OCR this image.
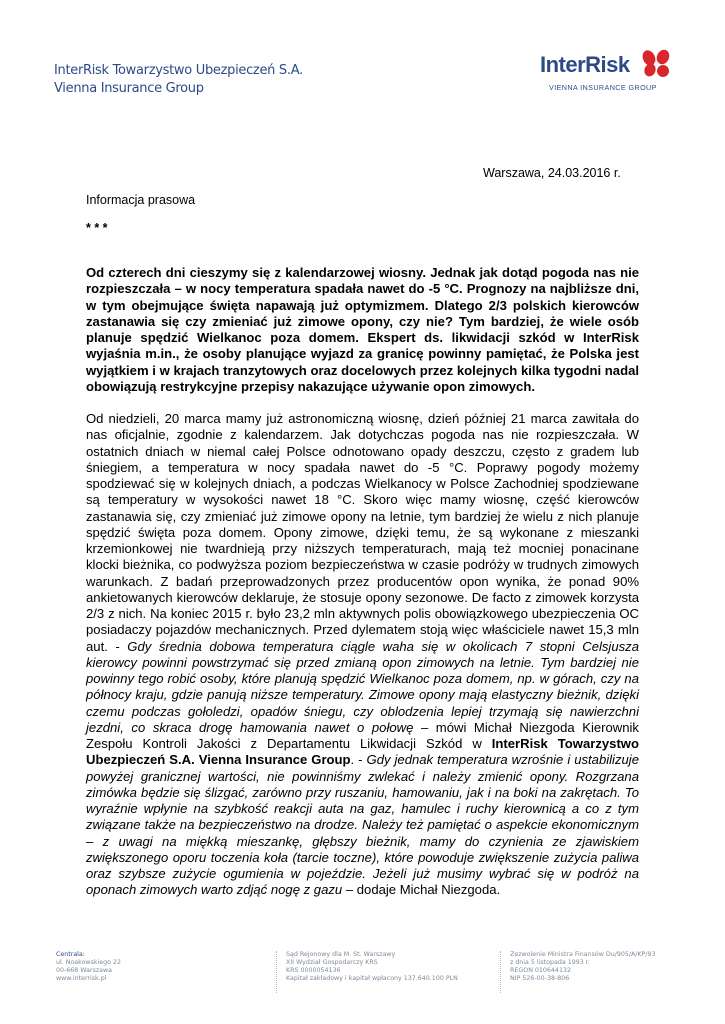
InterRisk Towarzystwo Ubezpieczeń S.A.
Vienna Insurance Group
InterRisk
VIENNA INSURANCE GROUP
Warszawa, 24.03.2016 r.
Informacja prasowa
* * *

Od czterech dni cieszymy się z kalendarzowej wiosny. Jednak jak dotąd pogoda nas nie rozpieszczała – w nocy temperatura spadała nawet do -5 °C. Prognozy na najbliższe dni, w tym obejmujące święta napawają już optymizmem. Dlatego 2/3 polskich kierowców zastanawia się czy zmieniać już zimowe opony, czy nie? Tym bardziej, że wiele osób planuje spędzić Wielkanoc poza domem. Ekspert ds. likwidacji szkód w InterRisk wyjaśnia m.in., że osoby planujące wyjazd za granicę powinny pamiętać, że Polska jest wyjątkiem i w krajach tranzytowych oraz docelowych przez kolejnych kilka tygodni nadal obowiązują restrykcyjne przepisy nakazujące używanie opon zimowych.

Od niedzieli, 20 marca mamy już astronomiczną wiosnę, dzień później 21 marca zawitała do nas oficjalnie, zgodnie z kalendarzem. Jak dotychczas pogoda nas nie rozpieszczała. W ostatnich dniach w niemal całej Polsce odnotowano opady deszczu, często z gradem lub śniegiem, a temperatura w nocy spadała nawet do -5 °C. Poprawy pogody możemy spodziewać się w kolejnych dniach, a podczas Wielkanocy w Polsce Zachodniej spodziewane są temperatury w wysokości nawet 18 °C. Skoro więc mamy wiosnę, część kierowców zastanawia się, czy zmieniać już zimowe opony na letnie, tym bardziej że wielu z nich planuje spędzić święta poza domem. Opony zimowe, dzięki temu, że są wykonane z mieszanki krzemionkowej nie twardnieją przy niższych temperaturach, mają też mocniej ponacinane klocki bieżnika, co podwyższa poziom bezpieczeństwa w czasie podróży w trudnych zimowych warunkach. Z badań przeprowadzonych przez producentów opon wynika, że ponad 90% ankietowanych kierowców deklaruje, że stosuje opony sezonowe. De facto z zimowek korzysta 2/3 z nich. Na koniec 2015 r. było 23,2 mln aktywnych polis obowiązkowego ubezpieczenia OC posiadaczy pojazdów mechanicznych. Przed dylematem stoją więc właściciele nawet 15,3 mln aut. - Gdy średnia dobowa temperatura ciągle waha się w okolicach 7 stopni Celsjusza kierowcy powinni powstrzymać się przed zmianą opon zimowych na letnie. Tym bardziej nie powinny tego robić osoby, które planują spędzić Wielkanoc poza domem, np. w górach, czy na północy kraju, gdzie panują niższe temperatury. Zimowe opony mają elastyczny bieżnik, dzięki czemu podczas gołoledzi, opadów śniegu, czy oblodzenia lepiej trzymają się nawierzchni jezdni, co skraca drogę hamowania nawet o połowę – mówi Michał Niezgoda Kierownik Zespołu Kontroli Jakości z Departamentu Likwidacji Szkód w InterRisk Towarzystwo Ubezpieczeń S.A. Vienna Insurance Group. - Gdy jednak temperatura wzrośnie i ustabilizuje powyżej granicznej wartości, nie powinniśmy zwlekać i należy zmienić opony. Rozgrzana zimówka będzie się ślizgać, zarówno przy ruszaniu, hamowaniu, jak i na boki na zakrętach. To wyraźnie wpłynie na szybkość reakcji auta na gaz, hamulec i ruchy kierownicą a co z tym związane także na bezpieczeństwo na drodze. Należy też pamiętać o aspekcie ekonomicznym – z uwagi na miękką mieszankę, głębszy bieżnik, mamy do czynienia ze zjawiskiem zwiększonego oporu toczenia koła (tarcie toczne), które powoduje zwiększenie zużycia paliwa oraz szybsze zużycie ogumienia w pojeździe. Jeżeli już musimy wybrać się w podróż na oponach zimowych warto zdjąć nogę z gazu – dodaje Michał Niezgoda.

Centrala:
ul. Noakowskiego 22
00-668 Warszawa
www.interrisk.pl
Sąd Rejonowy dla M. St. Warszawy
XII Wydział Gospodarczy KRS
KRS 0000054136
Kapitał zakładowy i kapitał wpłacony 137.640.100 PLN
Zezwolenie Ministra Finansów Du/905/A/KP/93
z dnia 5 listopada 1993 r.
REGON 010644132
NIP 526-00-38-806
